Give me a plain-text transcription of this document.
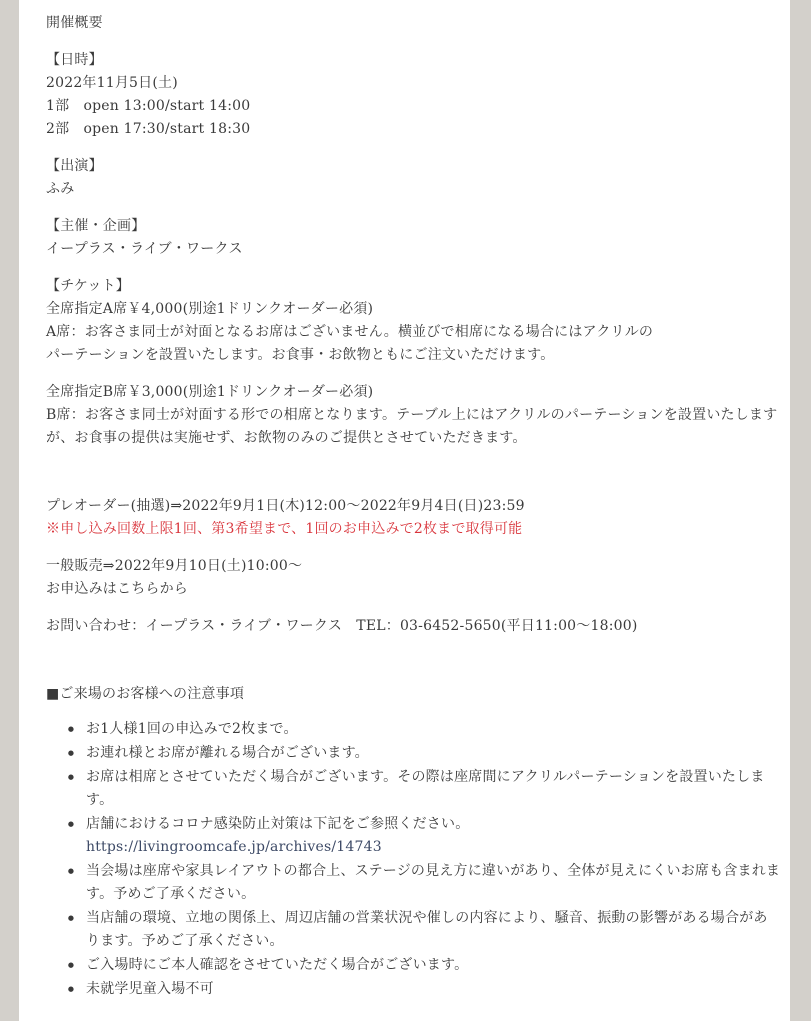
開催概要
【日時】
2022年11月5日(土)
1部　open 13:00/start 14:00
2部　open 17:30/start 18:30
【出演】
ふみ
【主催・企画】
イープラス・ライブ・ワークス
【チケット】
全席指定A席￥4,000(別途1ドリンクオーダー必須)
A席：お客さま同士が対面となるお席はございません。横並びで相席になる場合にはアクリルの
パーテーションを設置いたします。お食事・お飲物ともにご注文いただけます。
全席指定B席￥3,000(別途1ドリンクオーダー必須)
B席：お客さま同士が対面する形での相席となります。テーブル上にはアクリルのパーテーションを設置いたしますが、お食事の提供は実施せず、お飲物のみのご提供とさせていただきます。
プレオーダー(抽選)⇒2022年9月1日(木)12:00〜2022年9月4日(日)23:59
※申し込み回数上限1回、第3希望まで、1回のお申込みで2枚まで取得可能
一般販売⇒2022年9月10日(土)10:00〜
お申込みはこちらから
お問い合わせ：イープラス・ライブ・ワークス　TEL：03-6452-5650(平日11:00〜18:00)
■ご来場のお客様への注意事項
● お1人様1回の申込みで2枚まで。
● お連れ様とお席が離れる場合がございます。
● お席は相席とさせていただく場合がございます。その際は座席間にアクリルパーテーションを設置いたします。
● 店舗におけるコロナ感染防止対策は下記をご参照ください。
https://livingroomcafe.jp/archives/14743
● 当会場は座席や家具レイアウトの都合上、ステージの見え方に違いがあり、全体が見えにくいお席も含まれます。予めご了承ください。
● 当店舗の環境、立地の関係上、周辺店舗の営業状況や催しの内容により、騒音、振動の影響がある場合があります。予めご了承ください。
● ご入場時にご本人確認をさせていただく場合がございます。
● 未就学児童入場不可
